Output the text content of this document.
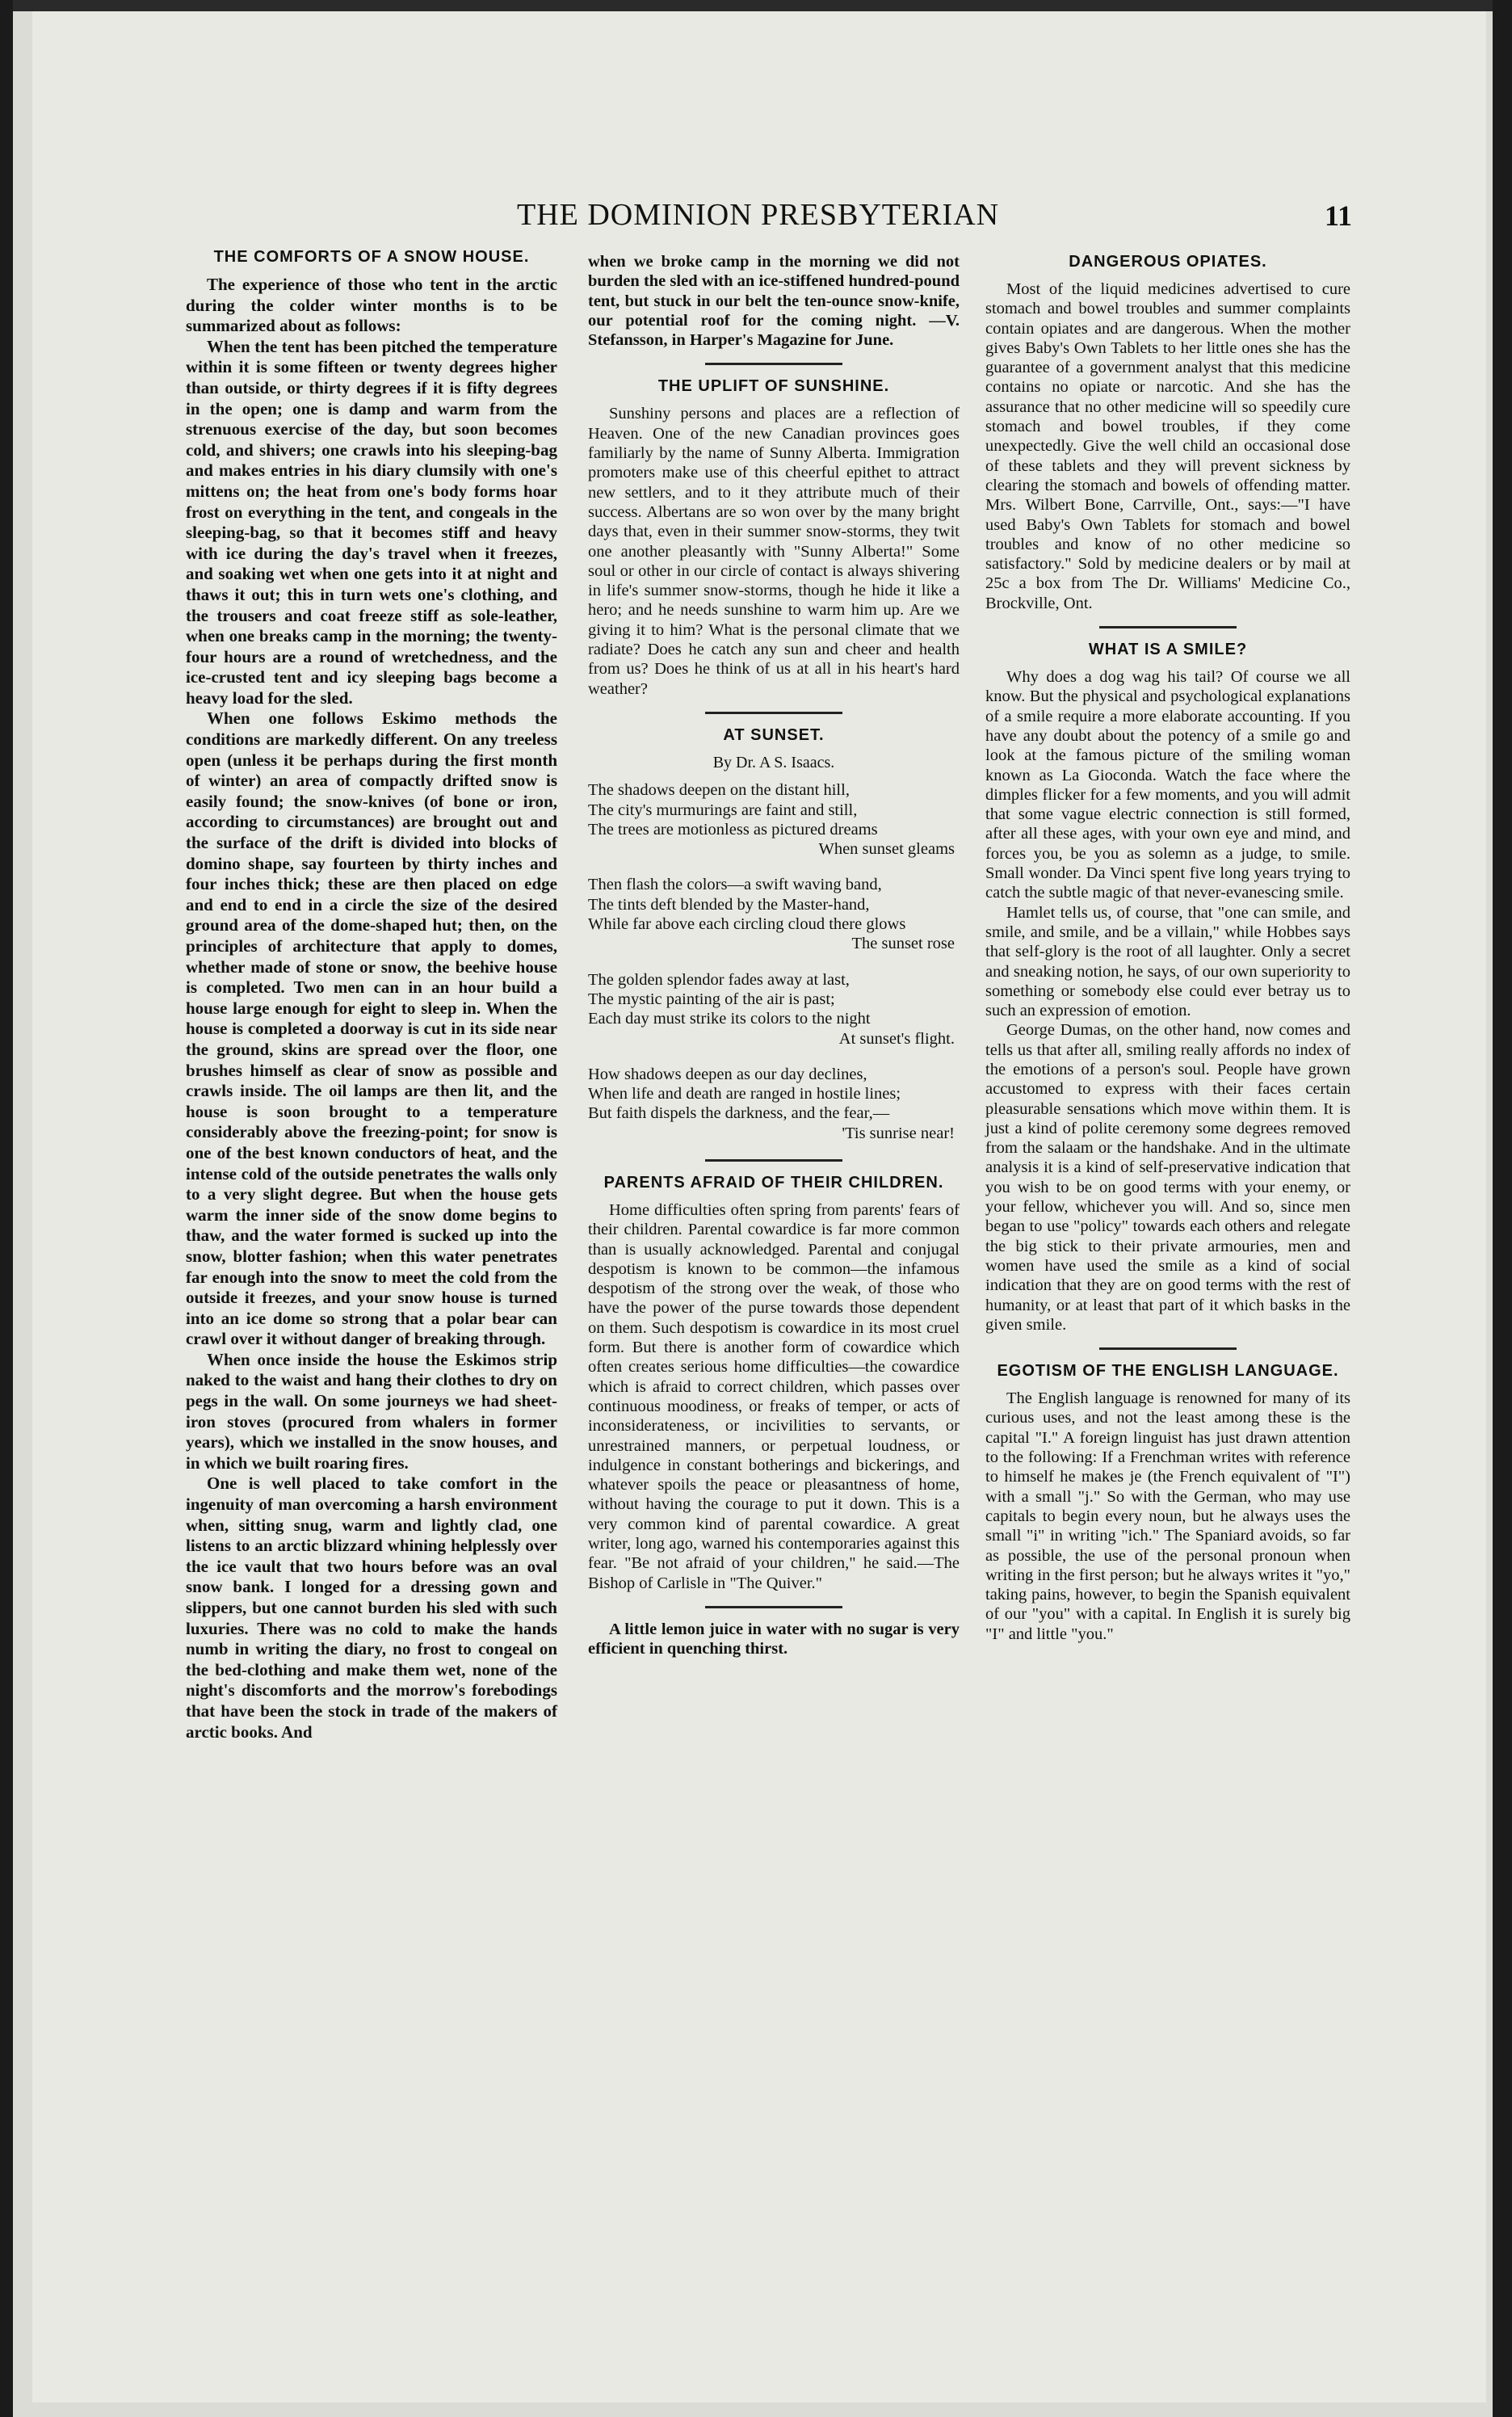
THE DOMINION PRESBYTERIAN	11
THE COMFORTS OF A SNOW HOUSE.

The experience of those who tent in the arctic during the colder winter months is to be summarized about as follows:

When the tent has been pitched the temperature within it is some fifteen or twenty degrees higher than outside, or thirty degrees if it is fifty degrees in the open; one is damp and warm from the strenuous exercise of the day, but soon becomes cold, and shivers; one crawls into his sleeping-bag and makes entries in his diary clumsily with one's mittens on; the heat from one's body forms hoar frost on everything in the tent, and congeals in the sleeping-bag, so that it becomes stiff and heavy with ice during the day's travel when it freezes, and soaking wet when one gets into it at night and thaws it out; this in turn wets one's clothing, and the trousers and coat freeze stiff as sole-leather, when one breaks camp in the morning; the twenty-four hours are a round of wretchedness, and the ice-crusted tent and icy sleeping bags become a heavy load for the sled.

When one follows Eskimo methods the conditions are markedly different. On any treeless open (unless it be perhaps during the first month of winter) an area of compactly drifted snow is easily found; the snow-knives (of bone or iron, according to circumstances) are brought out and the surface of the drift is divided into blocks of domino shape, say fourteen by thirty inches and four inches thick; these are then placed on edge and end to end in a circle the size of the desired ground area of the dome-shaped hut; then, on the principles of architecture that apply to domes, whether made of stone or snow, the beehive house is completed. Two men can in an hour build a house large enough for eight to sleep in. When the house is completed a doorway is cut in its side near the ground, skins are spread over the floor, one brushes himself as clear of snow as possible and crawls inside. The oil lamps are then lit, and the house is soon brought to a temperature considerably above the freezing-point; for snow is one of the best known conductors of heat, and the intense cold of the outside penetrates the walls only to a very slight degree. But when the house gets warm the inner side of the snow dome begins to thaw, and the water formed is sucked up into the snow, blotter fashion; when this water penetrates far enough into the snow to meet the cold from the outside it freezes, and your snow house is turned into an ice dome so strong that a polar bear can crawl over it without danger of breaking through.

When once inside the house the Eskimos strip naked to the waist and hang their clothes to dry on pegs in the wall. On some journeys we had sheet-iron stoves (procured from whalers in former years), which we installed in the snow houses, and in which we built roaring fires.

One is well placed to take comfort in the ingenuity of man overcoming a harsh environment when, sitting snug, warm and lightly clad, one listens to an arctic blizzard whining helplessly over the ice vault that two hours before was an oval snow bank. I longed for a dressing gown and slippers, but one cannot burden his sled with such luxuries. There was no cold to make the hands numb in writing the diary, no frost to congeal on the bed-clothing and make them wet, none of the night's discomforts and the morrow's forebodings that have been the stock in trade of the makers of arctic books. And

when we broke camp in the morning we did not burden the sled with an ice-stiffened hundred-pound tent, but stuck in our belt the ten-ounce snow-knife, our potential roof for the coming night. —V. Stefansson, in Harper's Magazine for June.

THE UPLIFT OF SUNSHINE.

Sunshiny persons and places are a reflection of Heaven. One of the new Canadian provinces goes familiarly by the name of Sunny Alberta. Immigration promoters make use of this cheerful epithet to attract new settlers, and to it they attribute much of their success. Albertans are so won over by the many bright days that, even in their summer snow-storms, they twit one another pleasantly with "Sunny Alberta!" Some soul or other in our circle of contact is always shivering in life's summer snow-storms, though he hide it like a hero; and he needs sunshine to warm him up. Are we giving it to him? What is the personal climate that we radiate? Does he catch any sun and cheer and health from us? Does he think of us at all in his heart's hard weather?

AT SUNSET.
By Dr. A S. Isaacs.
The shadows deepen on the distant hill,
The city's murmurings are faint and still,
The trees are motionless as pictured dreams
When sunset gleams
Then flash the colors—a swift waving band,
The tints deft blended by the Master-hand,
While far above each circling cloud there glows
The sunset rose
The golden splendor fades away at last,
The mystic painting of the air is past;
Each day must strike its colors to the night
At sunset's flight.
How shadows deepen as our day declines,
When life and death are ranged in hostile lines;
But faith dispels the darkness, and the fear,—
'Tis sunrise near!
PARENTS AFRAID OF THEIR CHILDREN.

Home difficulties often spring from parents' fears of their children. Parental cowardice is far more common than is usually acknowledged. Parental and conjugal despotism is known to be common—the infamous despotism of the strong over the weak, of those who have the power of the purse towards those dependent on them. Such despotism is cowardice in its most cruel form. But there is another form of cowardice which often creates serious home difficulties—the cowardice which is afraid to correct children, which passes over continuous moodiness, or freaks of temper, or acts of inconsiderateness, or incivilities to servants, or unrestrained manners, or perpetual loudness, or indulgence in constant botherings and bickerings, and whatever spoils the peace or pleasantness of home, without having the courage to put it down. This is a very common kind of parental cowardice. A great writer, long ago, warned his contemporaries against this fear. "Be not afraid of your children," he said.—The Bishop of Carlisle in "The Quiver."

A little lemon juice in water with no sugar is very efficient in quenching thirst.

DANGEROUS OPIATES.

Most of the liquid medicines advertised to cure stomach and bowel troubles and summer complaints contain opiates and are dangerous. When the mother gives Baby's Own Tablets to her little ones she has the guarantee of a government analyst that this medicine contains no opiate or narcotic. And she has the assurance that no other medicine will so speedily cure stomach and bowel troubles, if they come unexpectedly. Give the well child an occasional dose of these tablets and they will prevent sickness by clearing the stomach and bowels of offending matter. Mrs. Wilbert Bone, Carrville, Ont., says:—"I have used Baby's Own Tablets for stomach and bowel troubles and know of no other medicine so satisfactory." Sold by medicine dealers or by mail at 25c a box from The Dr. Williams' Medicine Co., Brockville, Ont.

WHAT IS A SMILE?

Why does a dog wag his tail? Of course we all know. But the physical and psychological explanations of a smile require a more elaborate accounting. If you have any doubt about the potency of a smile go and look at the famous picture of the smiling woman known as La Gioconda. Watch the face where the dimples flicker for a few moments, and you will admit that some vague electric connection is still formed, after all these ages, with your own eye and mind, and forces you, be you as solemn as a judge, to smile. Small wonder. Da Vinci spent five long years trying to catch the subtle magic of that never-evanescing smile.

Hamlet tells us, of course, that "one can smile, and smile, and smile, and be a villain," while Hobbes says that self-glory is the root of all laughter. Only a secret and sneaking notion, he says, of our own superiority to something or somebody else could ever betray us to such an expression of emotion.

George Dumas, on the other hand, now comes and tells us that after all, smiling really affords no index of the emotions of a person's soul. People have grown accustomed to express with their faces certain pleasurable sensations which move within them. It is just a kind of polite ceremony some degrees removed from the salaam or the handshake. And in the ultimate analysis it is a kind of self-preservative indication that you wish to be on good terms with your enemy, or your fellow, whichever you will. And so, since men began to use "policy" towards each others and relegate the big stick to their private armouries, men and women have used the smile as a kind of social indication that they are on good terms with the rest of humanity, or at least that part of it which basks in the given smile.

EGOTISM OF THE ENGLISH LANGUAGE.

The English language is renowned for many of its curious uses, and not the least among these is the capital "I." A foreign linguist has just drawn attention to the following: If a Frenchman writes with reference to himself he makes je (the French equivalent of "I") with a small "j." So with the German, who may use capitals to begin every noun, but he always uses the small "i" in writing "ich." The Spaniard avoids, so far as possible, the use of the personal pronoun when writing in the first person; but he always writes it "yo," taking pains, however, to begin the Spanish equivalent of our "you" with a capital. In English it is surely big "I" and little "you."
